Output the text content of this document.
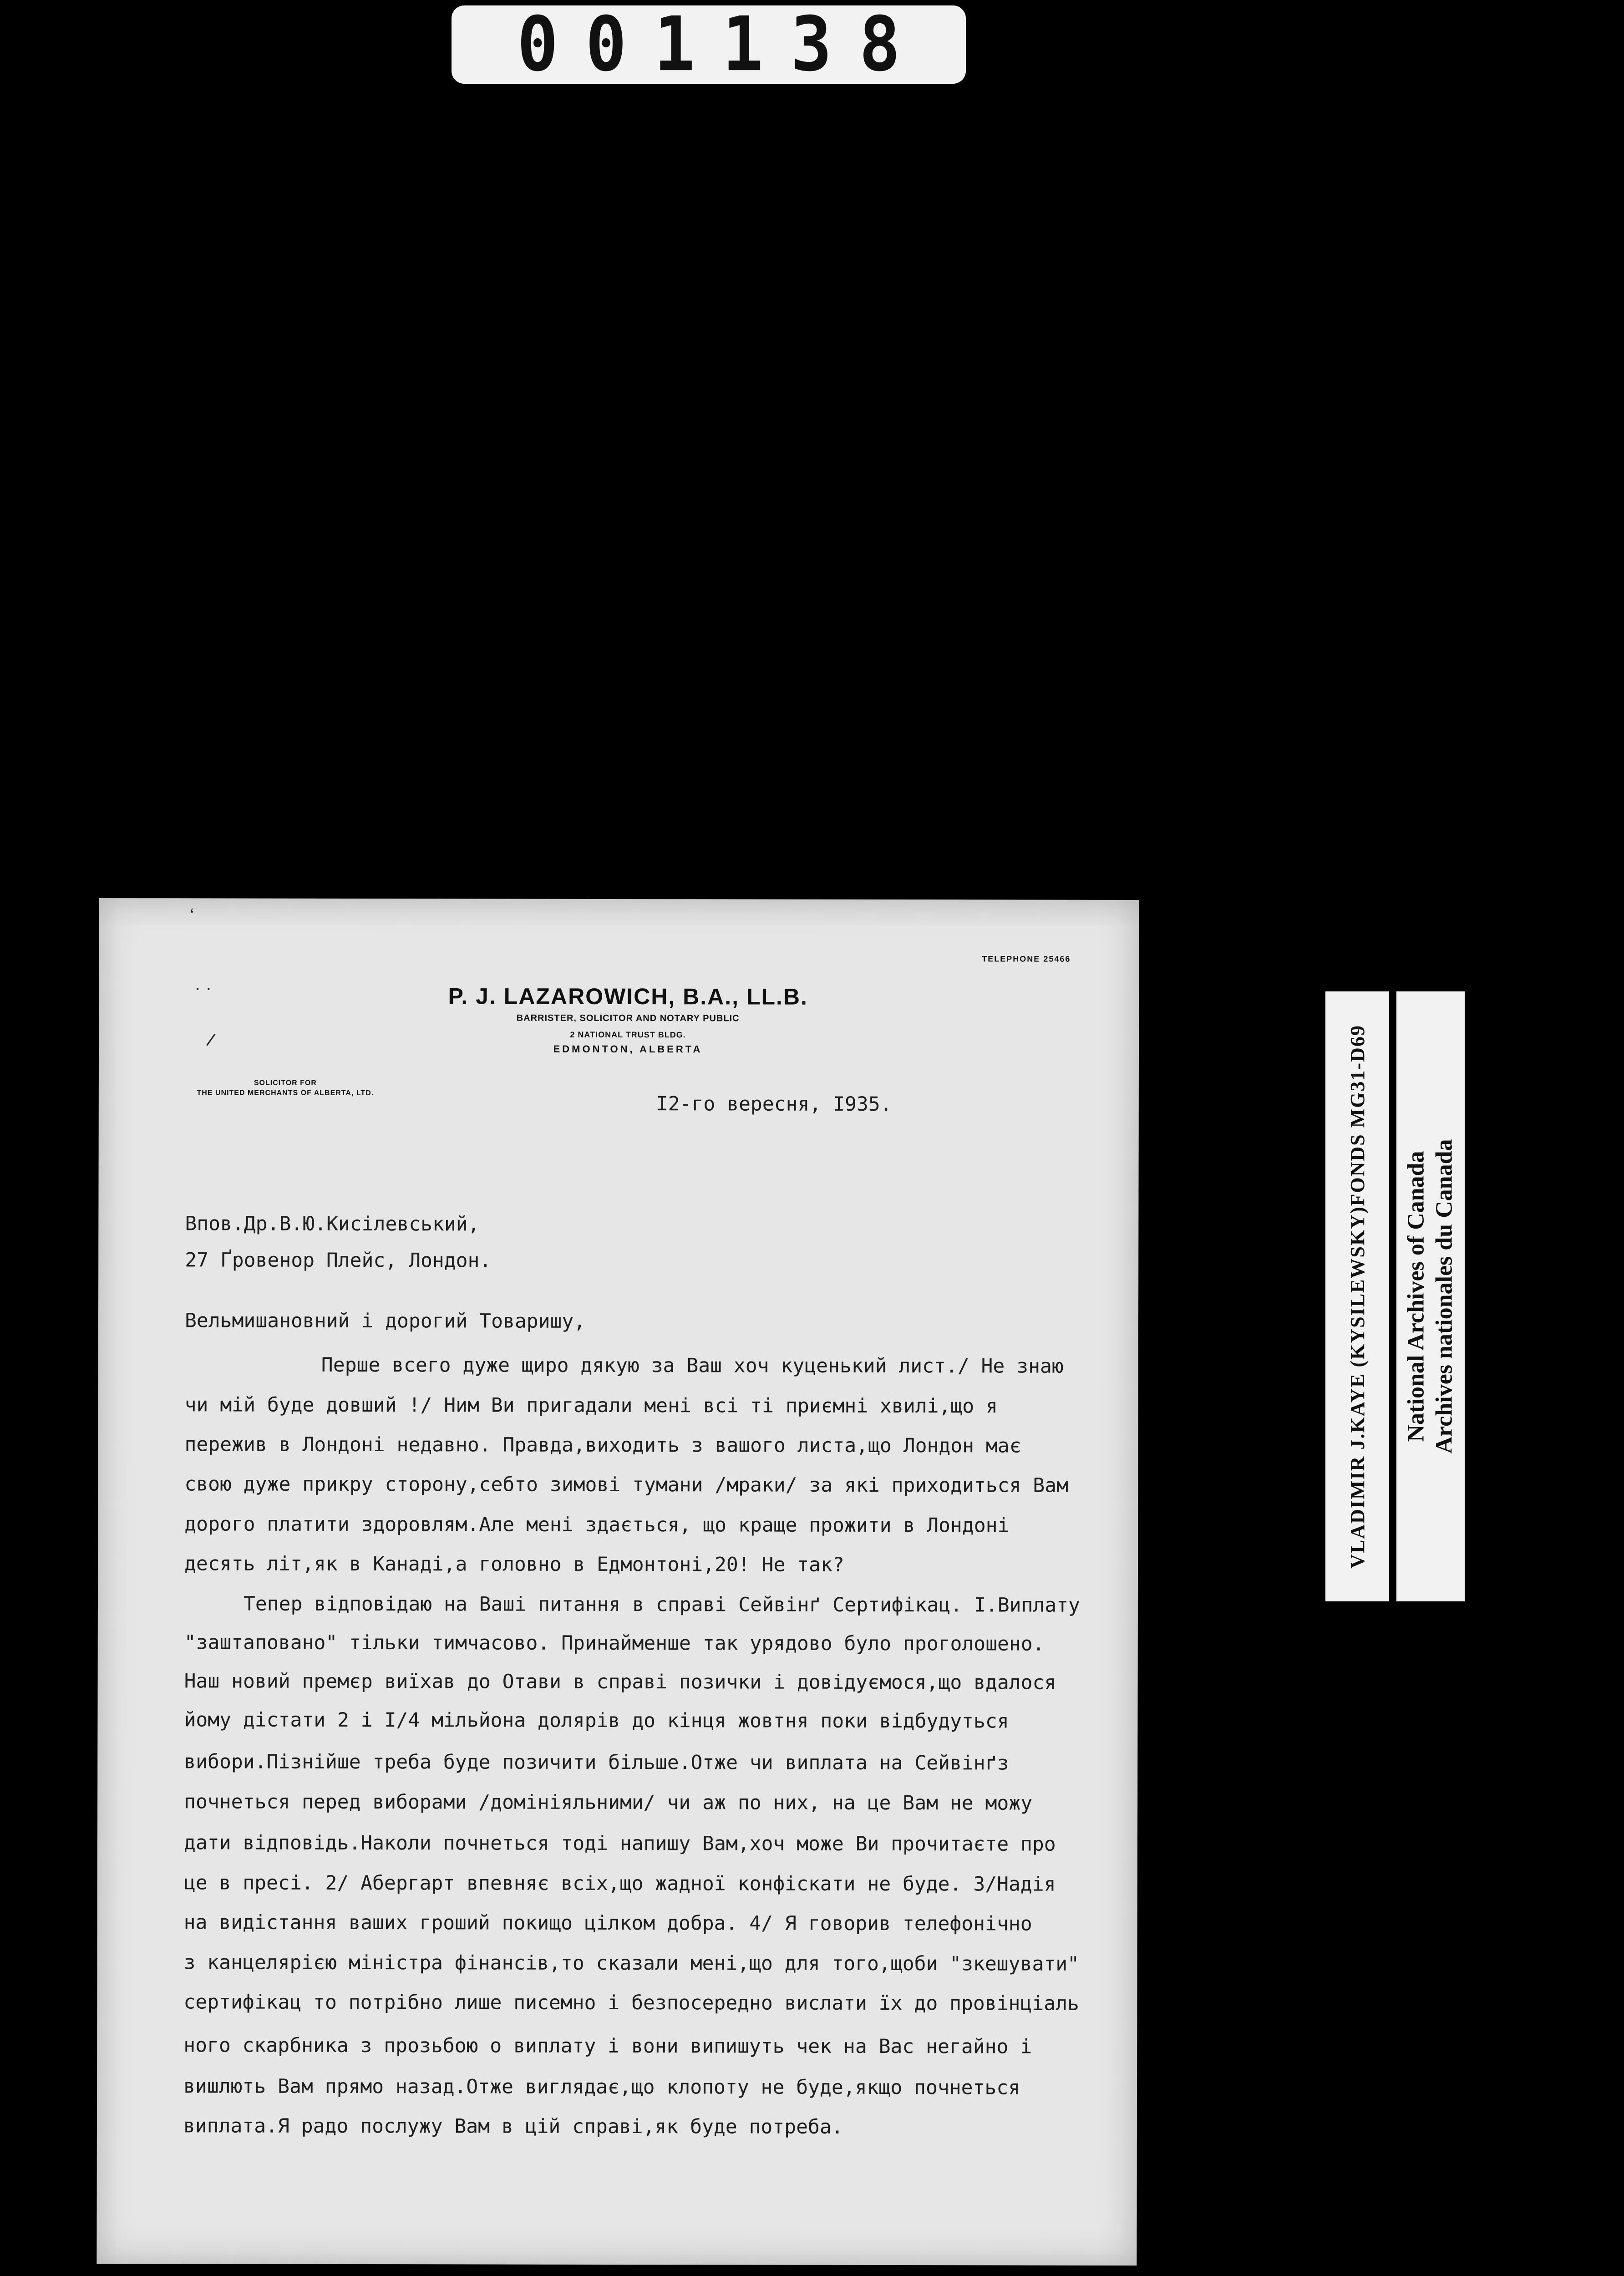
001138
‘
· ·
/
TELEPHONE 25466
P. J. LAZAROWICH, B.A., LL.B.
BARRISTER, SOLICITOR AND NOTARY PUBLIC
2 NATIONAL TRUST BLDG.
EDMONTON, ALBERTA
SOLICITOR FOR
THE UNITED MERCHANTS OF ALBERTA, LTD.	I2-го вересня, I935.
Впов.Др.В.Ю.Кисілевський,
27 Ґровенор Плейс, Лондон.
Вельмишановний і дорогий Товаришу,
Перше всего дуже щиро дякую за Ваш хоч куценький лист./ Не знаю
чи мій буде довший !/ Ним Ви пригадали мені всі ті приємні хвилі,що я
пережив в Лондоні недавно. Правда,виходить з вашого листа,що Лондон має
свою дуже прикру сторону,себто зимові тумани /мраки/ за які приходиться Вам
дорого платити здоровлям.Але мені здається, що краще прожити в Лондоні
десять літ,як в Канаді,а головно в Едмонтоні,20! Не так?
Тепер відповідаю на Ваші питання в справі Сейвінґ Сертифікац. I.Виплату
"заштаповано" тільки тимчасово. Принайменше так урядово було проголошено.
Наш новий премєр виїхав до Отави в справі позички і довідуємося,що вдалося
йому дістати 2 і I/4 мільйона долярів до кінця жовтня поки відбудуться
вибори.Пізнійше треба буде позичити більше.Отже чи виплата на Сейвінґз
почнеться перед виборами /домініяльними/ чи аж по них, на це Вам не можу
дати відповідь.Наколи почнеться тоді напишу Вам,хоч може Ви прочитаєте про
це в пресі. 2/ Абергарт впевняє всіх,що жадної конфіскати не буде. 3/Надія
на видістання ваших гроший покищо цілком добра. 4/ Я говорив телефонічно
з канцелярією міністра фінансів,то сказали мені,що для того,щоби "зкешувати"
сертифікац то потрібно лише писемно і безпосередно вислати їх до провінціаль
ного скарбника з прозьбою о виплату і вони випишуть чек на Вас негайно і
вишлють Вам прямо назад.Отже виглядає,що клопоту не буде,якщо почнеться
виплата.Я радо послужу Вам в цій справі,як буде потреба.
VLADIMIR J.KAYE (KYSILEWSKY)FONDS MG31-D69 National Archives of Canada Archives nationales du Canada
